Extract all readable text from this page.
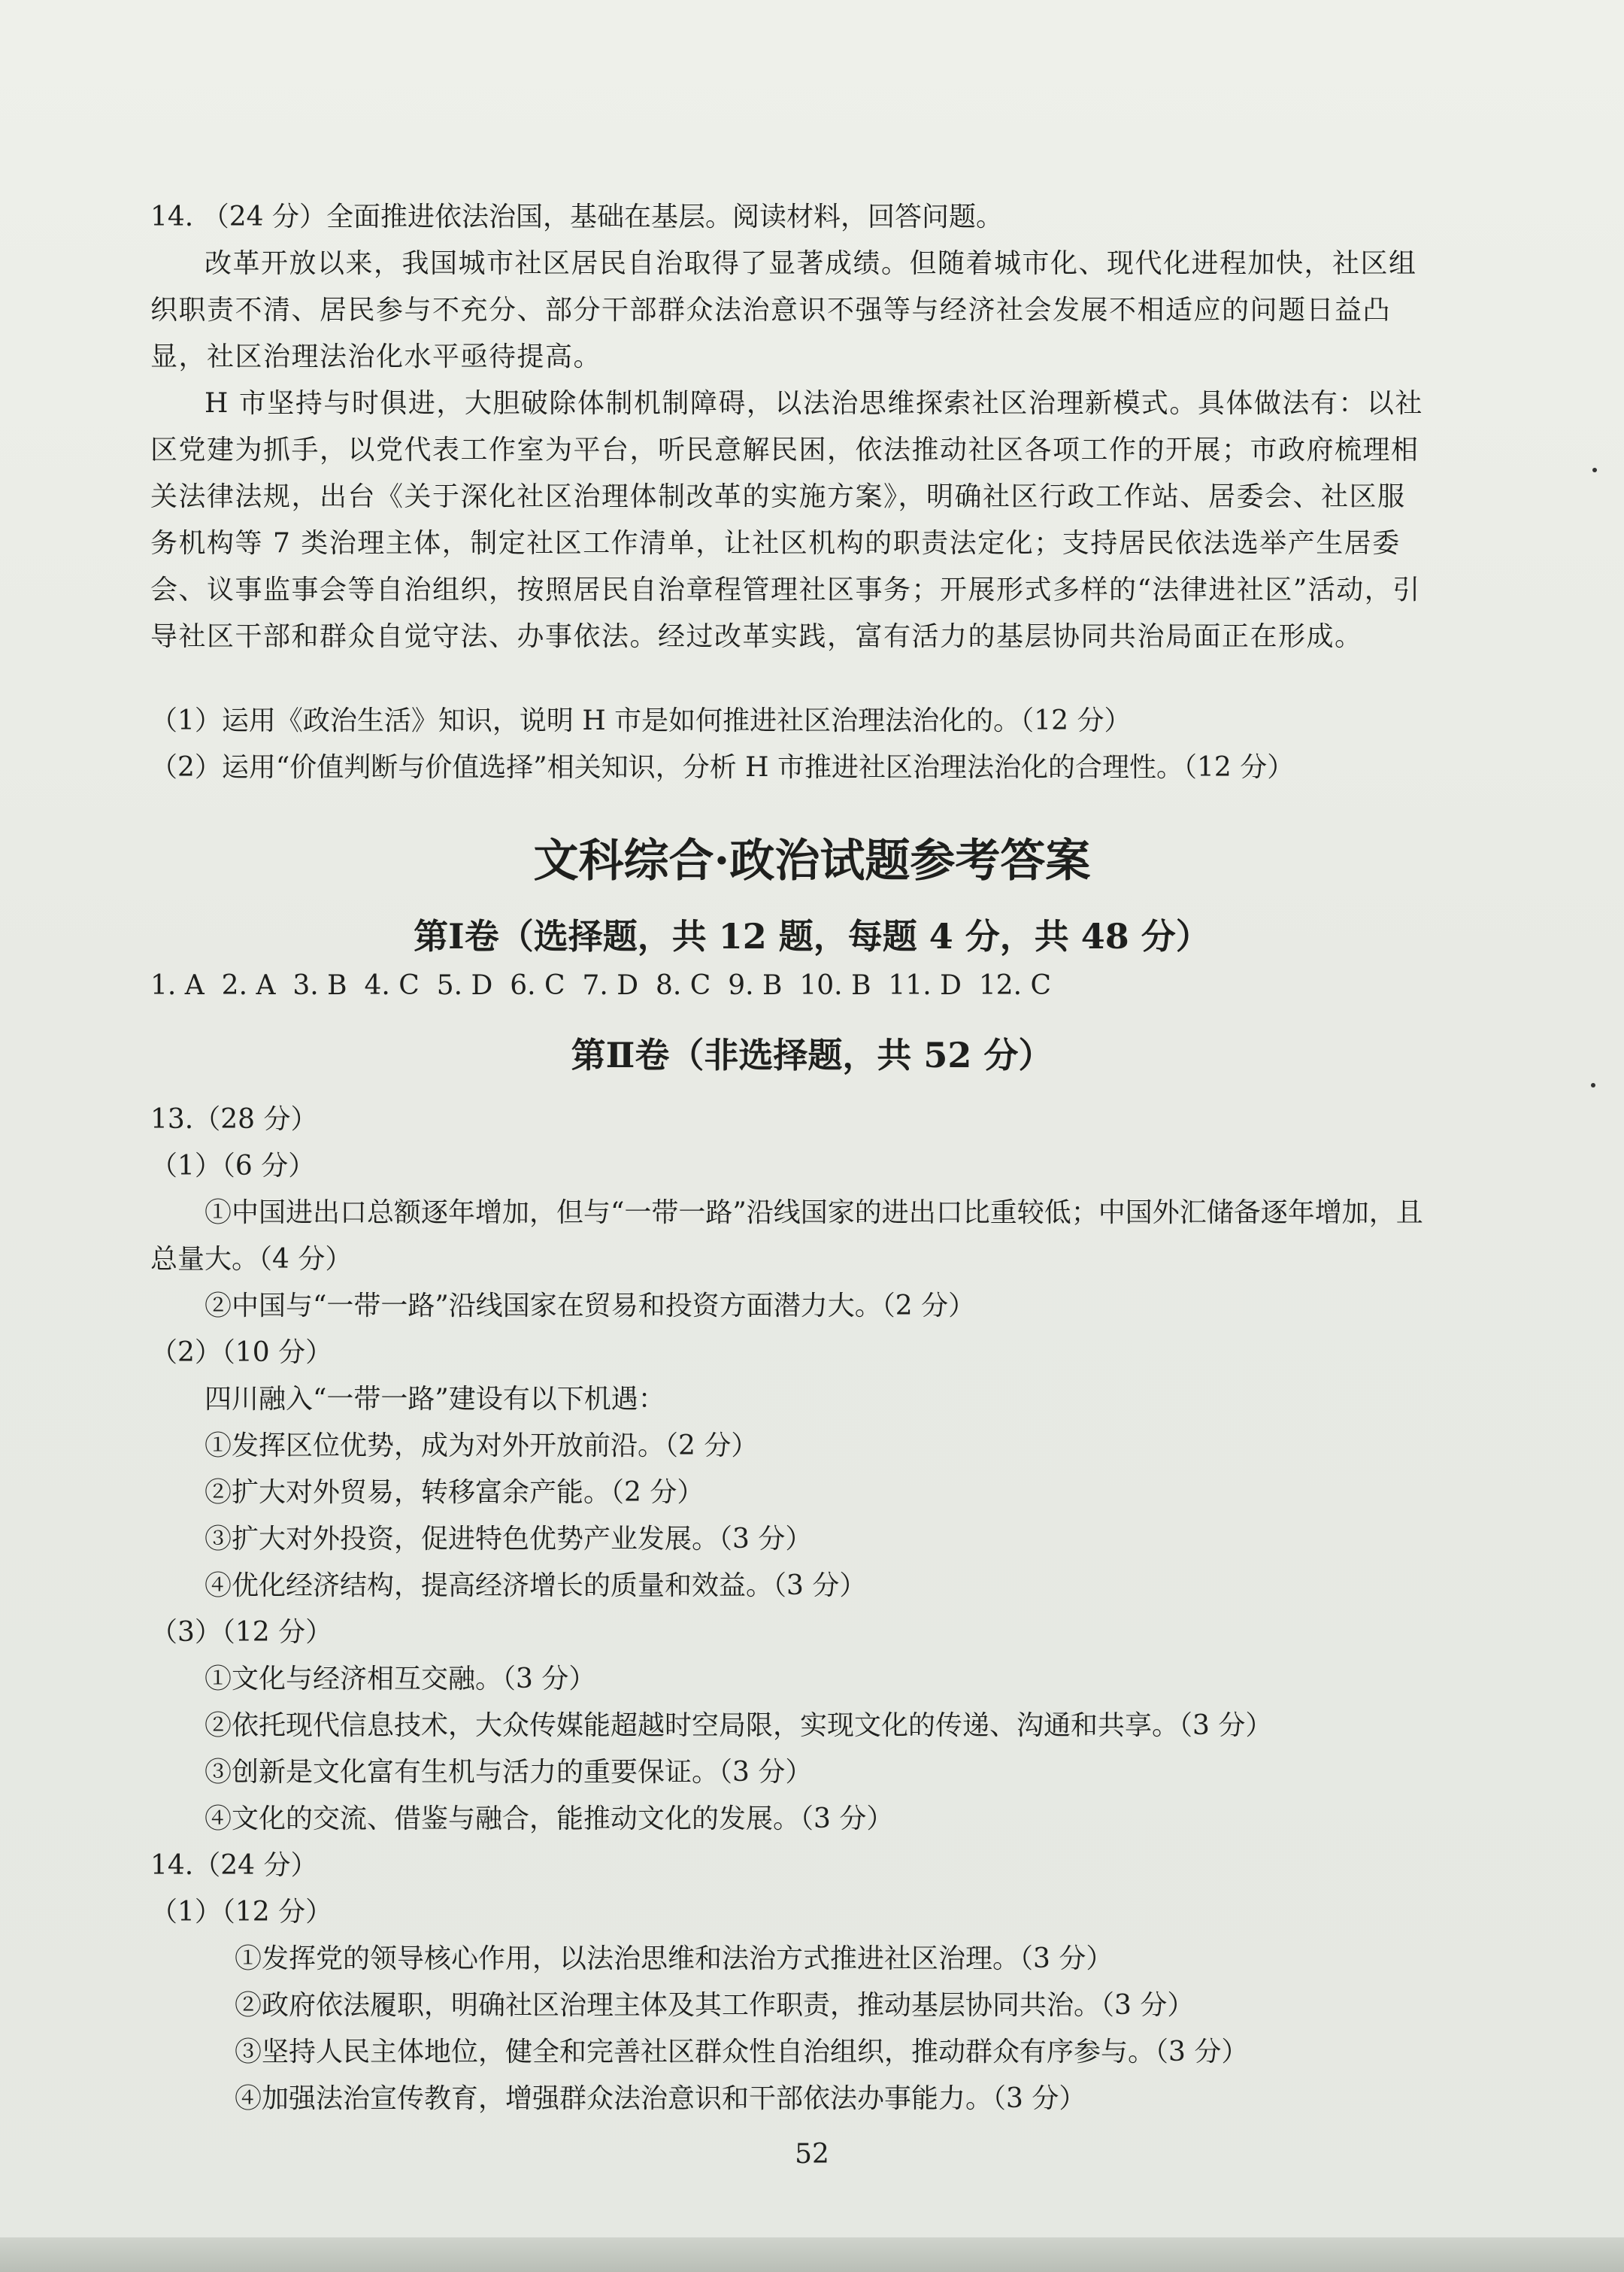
14. （24 分）全面推进依法治国，基础在基层。阅读材料，回答问题。
改革开放以来，我国城市社区居民自治取得了显著成绩。但随着城市化、现代化进程加快，社区组织职责不清、居民参与不充分、部分干部群众法治意识不强等与经济社会发展不相适应的问题日益凸显，社区治理法治化水平亟待提高。
H 市坚持与时俱进，大胆破除体制机制障碍，以法治思维探索社区治理新模式。具体做法有：以社区党建为抓手，以党代表工作室为平台，听民意解民困，依法推动社区各项工作的开展；市政府梳理相关法律法规，出台《关于深化社区治理体制改革的实施方案》，明确社区行政工作站、居委会、社区服务机构等 7 类治理主体，制定社区工作清单，让社区机构的职责法定化；支持居民依法选举产生居委会、议事监事会等自治组织，按照居民自治章程管理社区事务；开展形式多样的“法律进社区”活动，引导社区干部和群众自觉守法、办事依法。经过改革实践，富有活力的基层协同共治局面正在形成。
（1）运用《政治生活》知识，说明 H 市是如何推进社区治理法治化的。（12 分）
（2）运用“价值判断与价值选择”相关知识，分析 H 市推进社区治理法治化的合理性。（12 分）
文科综合·政治试题参考答案
第Ⅰ卷（选择题，共 12 题，每题 4 分，共 48 分）
1. A  2. A  3. B  4. C  5. D  6. C  7. D  8. C  9. B  10. B  11. D  12. C
第Ⅱ卷（非选择题，共 52 分）
13.（28 分）
（1）（6 分）
①中国进出口总额逐年增加，但与“一带一路”沿线国家的进出口比重较低；中国外汇储备逐年增加，且总量大。（4 分）
②中国与“一带一路”沿线国家在贸易和投资方面潜力大。（2 分）
（2）（10 分）
四川融入“一带一路”建设有以下机遇：
①发挥区位优势，成为对外开放前沿。（2 分）
②扩大对外贸易，转移富余产能。（2 分）
③扩大对外投资，促进特色优势产业发展。（3 分）
④优化经济结构，提高经济增长的质量和效益。（3 分）
（3）（12 分）
①文化与经济相互交融。（3 分）
②依托现代信息技术，大众传媒能超越时空局限，实现文化的传递、沟通和共享。（3 分）
③创新是文化富有生机与活力的重要保证。（3 分）
④文化的交流、借鉴与融合，能推动文化的发展。（3 分）
14.（24 分）
（1）（12 分）
①发挥党的领导核心作用，以法治思维和法治方式推进社区治理。（3 分）
②政府依法履职，明确社区治理主体及其工作职责，推动基层协同共治。（3 分）
③坚持人民主体地位，健全和完善社区群众性自治组织，推动群众有序参与。（3 分）
④加强法治宣传教育，增强群众法治意识和干部依法办事能力。（3 分）
52
